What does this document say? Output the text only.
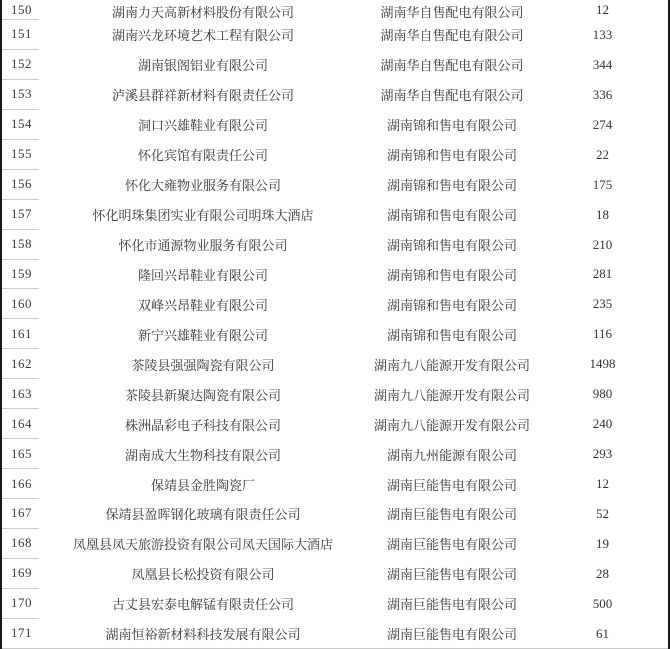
150	湖南力天高新材料股份有限公司	湖南华自售配电有限公司	12
151	湖南兴龙环境艺术工程有限公司	湖南华自售配电有限公司	133
152	湖南银阁铝业有限公司	湖南华自售配电有限公司	344
153	泸溪县群祥新材料有限责任公司	湖南华自售配电有限公司	336
154	洞口兴雄鞋业有限公司	湖南锦和售电有限公司	274
155	怀化宾馆有限责任公司	湖南锦和售电有限公司	22
156	怀化大雍物业服务有限公司	湖南锦和售电有限公司	175
157	怀化明珠集团实业有限公司明珠大酒店	湖南锦和售电有限公司	18
158	怀化市通源物业服务有限公司	湖南锦和售电有限公司	210
159	隆回兴昂鞋业有限公司	湖南锦和售电有限公司	281
160	双峰兴昂鞋业有限公司	湖南锦和售电有限公司	235
161	新宁兴雄鞋业有限公司	湖南锦和售电有限公司	116
162	茶陵县强强陶瓷有限公司	湖南九八能源开发有限公司	1498
163	茶陵县新聚达陶瓷有限公司	湖南九八能源开发有限公司	980
164	株洲晶彩电子科技有限公司	湖南九八能源开发有限公司	240
165	湖南成大生物科技有限公司	湖南九州能源有限公司	293
166	保靖县金胜陶瓷厂	湖南巨能售电有限公司	12
167	保靖县盈晖钢化玻璃有限责任公司	湖南巨能售电有限公司	52
168	凤凰县凤天旅游投资有限公司凤天国际大酒店	湖南巨能售电有限公司	19
169	凤凰县长松投资有限公司	湖南巨能售电有限公司	28
170	古丈县宏泰电解锰有限责任公司	湖南巨能售电有限公司	500
171	湖南恒裕新材料科技发展有限公司	湖南巨能售电有限公司	61
